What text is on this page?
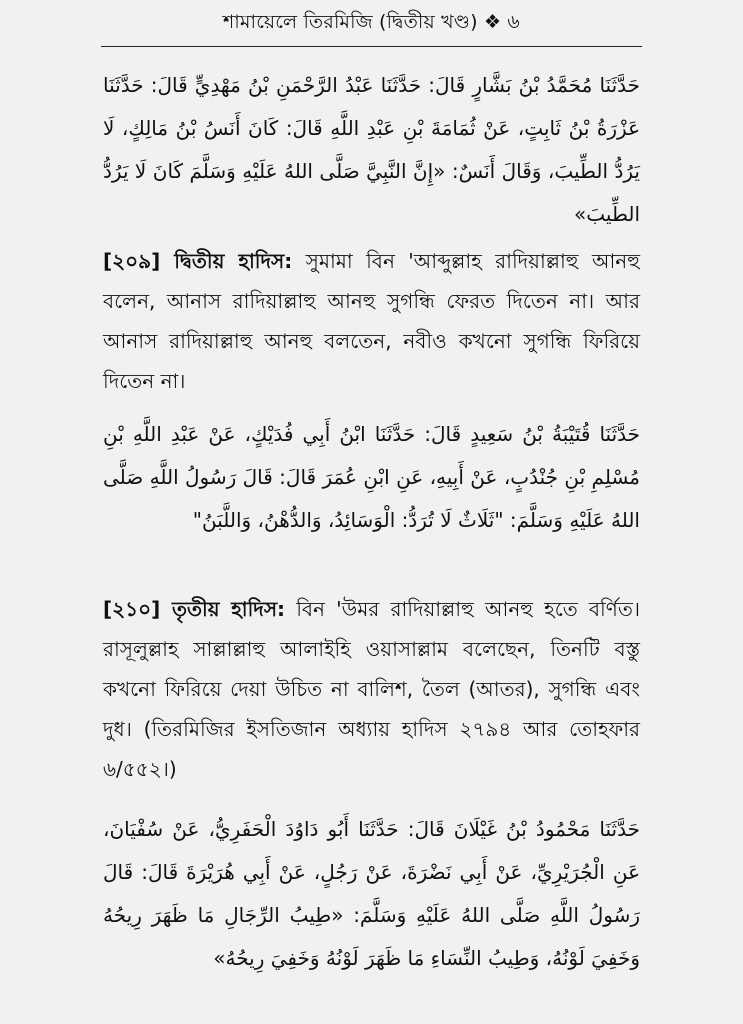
শামায়েলে তিরমিজি (দ্বিতীয় খণ্ড) ❖ ৬

حَدَّثَنَا مُحَمَّدُ بْنُ بَشَّارٍ قَالَ: حَدَّثَنَا عَبْدُ الرَّحْمَنِ بْنُ مَهْدِيٍّ قَالَ: حَدَّثَنَا عَزْرَةُ بْنُ ثَابِتٍ، عَنْ ثُمَامَةَ بْنِ عَبْدِ اللَّهِ قَالَ: كَانَ أَنَسُ بْنُ مَالِكٍ، لَا يَرُدُّ الطِّيبَ، وَقَالَ أَنَسٌ: «إِنَّ النَّبِيَّ صَلَّى اللهُ عَلَيْهِ وَسَلَّمَ كَانَ لَا يَرُدُّ الطِّيبَ»

[২০৯] দ্বিতীয় হাদিস: সুমামা বিন 'আব্দুল্লাহ রাদিয়াল্লাহু আনহু বলেন, আনাস রাদিয়াল্লাহু আনহু সুগন্ধি ফেরত দিতেন না। আর আনাস রাদিয়াল্লাহু আনহু বলতেন, নবীও কখনো সুগন্ধি ফিরিয়ে দিতেন না।

حَدَّثَنَا قُتَيْبَةُ بْنُ سَعِيدٍ قَالَ: حَدَّثَنَا ابْنُ أَبِي فُدَيْكٍ، عَنْ عَبْدِ اللَّهِ بْنِ مُسْلِمِ بْنِ جُنْدُبٍ، عَنْ أَبِيهِ، عَنِ ابْنِ عُمَرَ قَالَ: قَالَ رَسُولُ اللَّهِ صَلَّى اللهُ عَلَيْهِ وَسَلَّمَ: "ثَلَاثٌ لَا تُرَدُّ: الْوَسَائِدُ، وَالدُّهْنُ، وَاللَّبَنُ"

[২১০] তৃতীয় হাদিস: বিন 'উমর রাদিয়াল্লাহু আনহু হতে বর্ণিত। রাসূলুল্লাহ সাল্লাল্লাহু আলাইহি ওয়াসাল্লাম বলেছেন, তিনটি বস্তু কখনো ফিরিয়ে দেয়া উচিত না বালিশ, তৈল (আতর), সুগন্ধি এবং দুধ। (তিরমিজির ইসতিজান অধ্যায় হাদিস ২৭৯৪ আর তোহফার ৬/৫৫২।)

حَدَّثَنَا مَحْمُودُ بْنُ غَيْلَانَ قَالَ: حَدَّثَنَا أَبُو دَاوُدَ الْحَفَرِيُّ، عَنْ سُفْيَانَ، عَنِ الْجُرَيْرِيِّ، عَنْ أَبِي نَضْرَةَ، عَنْ رَجُلٍ، عَنْ أَبِي هُرَيْرَةَ قَالَ: قَالَ رَسُولُ اللَّهِ صَلَّى اللهُ عَلَيْهِ وَسَلَّمَ: «طِيبُ الرِّجَالِ مَا ظَهَرَ رِيحُهُ وَخَفِيَ لَوْنُهُ، وَطِيبُ النِّسَاءِ مَا ظَهَرَ لَوْنُهُ وَخَفِيَ رِيحُهُ»
